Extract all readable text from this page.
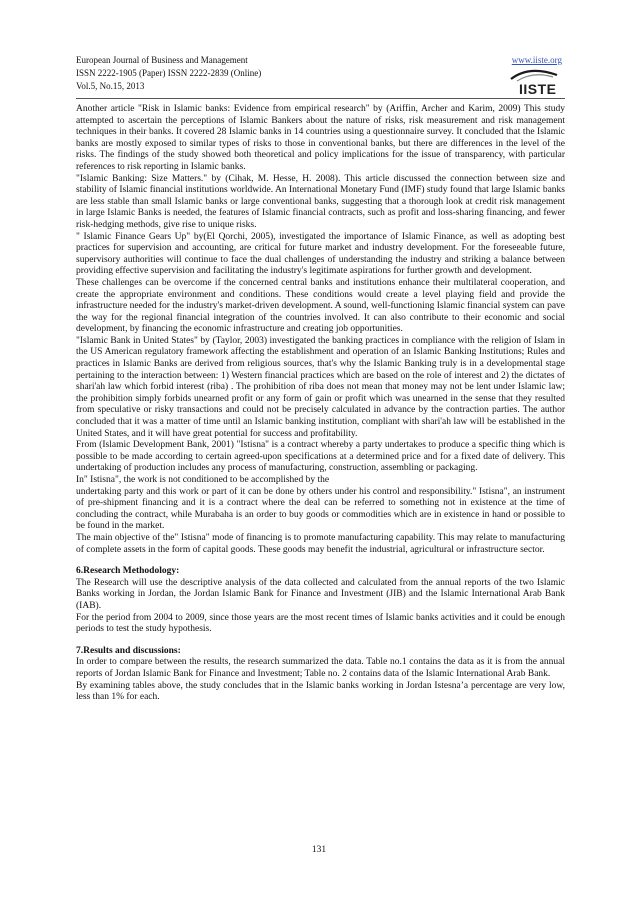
European Journal of Business and Management
ISSN 2222-1905 (Paper) ISSN 2222-2839 (Online)
Vol.5, No.15, 2013
www.iiste.org
IISTE

Another article "Risk in Islamic banks: Evidence from empirical research" by (Ariffin, Archer and Karim, 2009) This study attempted to ascertain the perceptions of Islamic Bankers about the nature of risks, risk measurement and risk management techniques in their banks. It covered 28 Islamic banks in 14 countries using a questionnaire survey. It concluded that the Islamic banks are mostly exposed to similar types of risks to those in conventional banks, but there are differences in the level of the risks. The findings of the study showed both theoretical and policy implications for the issue of transparency, with particular references to risk reporting in Islamic banks.

"Islamic Banking: Size Matters." by (Cihak, M. Hesse, H. 2008). This article discussed the connection between size and stability of Islamic financial institutions worldwide. An International Monetary Fund (IMF) study found that large Islamic banks are less stable than small Islamic banks or large conventional banks, suggesting that a thorough look at credit risk management in large Islamic Banks is needed, the features of Islamic financial contracts, such as profit and loss-sharing financing, and fewer risk-hedging methods, give rise to unique risks.

" Islamic Finance Gears Up" by(El Qorchi, 2005), investigated the importance of Islamic Finance, as well as adopting best practices for supervision and accounting, are critical for future market and industry development. For the foreseeable future, supervisory authorities will continue to face the dual challenges of understanding the industry and striking a balance between providing effective supervision and facilitating the industry's legitimate aspirations for further growth and development.

These challenges can be overcome if the concerned central banks and institutions enhance their multilateral cooperation, and create the appropriate environment and conditions. These conditions would create a level playing field and provide the infrastructure needed for the industry's market-driven development. A sound, well-functioning Islamic financial system can pave the way for the regional financial integration of the countries involved. It can also contribute to their economic and social development, by financing the economic infrastructure and creating job opportunities.

"Islamic Bank in United States" by (Taylor, 2003) investigated the banking practices in compliance with the religion of Islam in the US American regulatory framework affecting the establishment and operation of an Islamic Banking Institutions; Rules and practices in Islamic Banks are derived from religious sources, that's why the Islamic Banking truly is in a developmental stage pertaining to the interaction between: 1) Western financial practices which are based on the role of interest and 2) the dictates of shari'ah law which forbid interest (riba) . The prohibition of riba does not mean that money may not be lent under Islamic law; the prohibition simply forbids unearned profit or any form of gain or profit which was unearned in the sense that they resulted from speculative or risky transactions and could not be precisely calculated in advance by the contraction parties. The author concluded that it was a matter of time until an Islamic banking institution, compliant with shari'ah law will be established in the United States, and it will have great potential for success and profitability.

From (Islamic Development Bank, 2001) "Istisna" is a contract whereby a party undertakes to produce a specific thing which is possible to be made according to certain agreed-upon specifications at a determined price and for a fixed date of delivery. This undertaking of production includes any process of manufacturing, construction, assembling or packaging.

In" Istisna", the work is not conditioned to be accomplished by the

undertaking party and this work or part of it can be done by others under his control and responsibility." Istisna", an instrument of pre-shipment financing and it is a contract where the deal can be referred to something not in existence at the time of concluding the contract, while Murabaha is an order to buy goods or commodities which are in existence in hand or possible to be found in the market.

The main objective of the" Istisna" mode of financing is to promote manufacturing capability. This may relate to manufacturing of complete assets in the form of capital goods. These goods may benefit the industrial, agricultural or infrastructure sector.

6.Research Methodology:

The Research will use the descriptive analysis of the data collected and calculated from the annual reports of the two Islamic Banks working in Jordan, the Jordan Islamic Bank for Finance and Investment (JIB) and the Islamic International Arab Bank (IAB).

For the period from 2004 to 2009, since those years are the most recent times of Islamic banks activities and it could be enough periods to test the study hypothesis.

7.Results and discussions:

In order to compare between the results, the research summarized the data. Table no.1 contains the data as it is from the annual reports of Jordan Islamic Bank for Finance and Investment; Table no. 2 contains data of the Islamic International Arab Bank.

By examining tables above, the study concludes that in the Islamic banks working in Jordan Istesna’a percentage are very low, less than 1% for each.

131
